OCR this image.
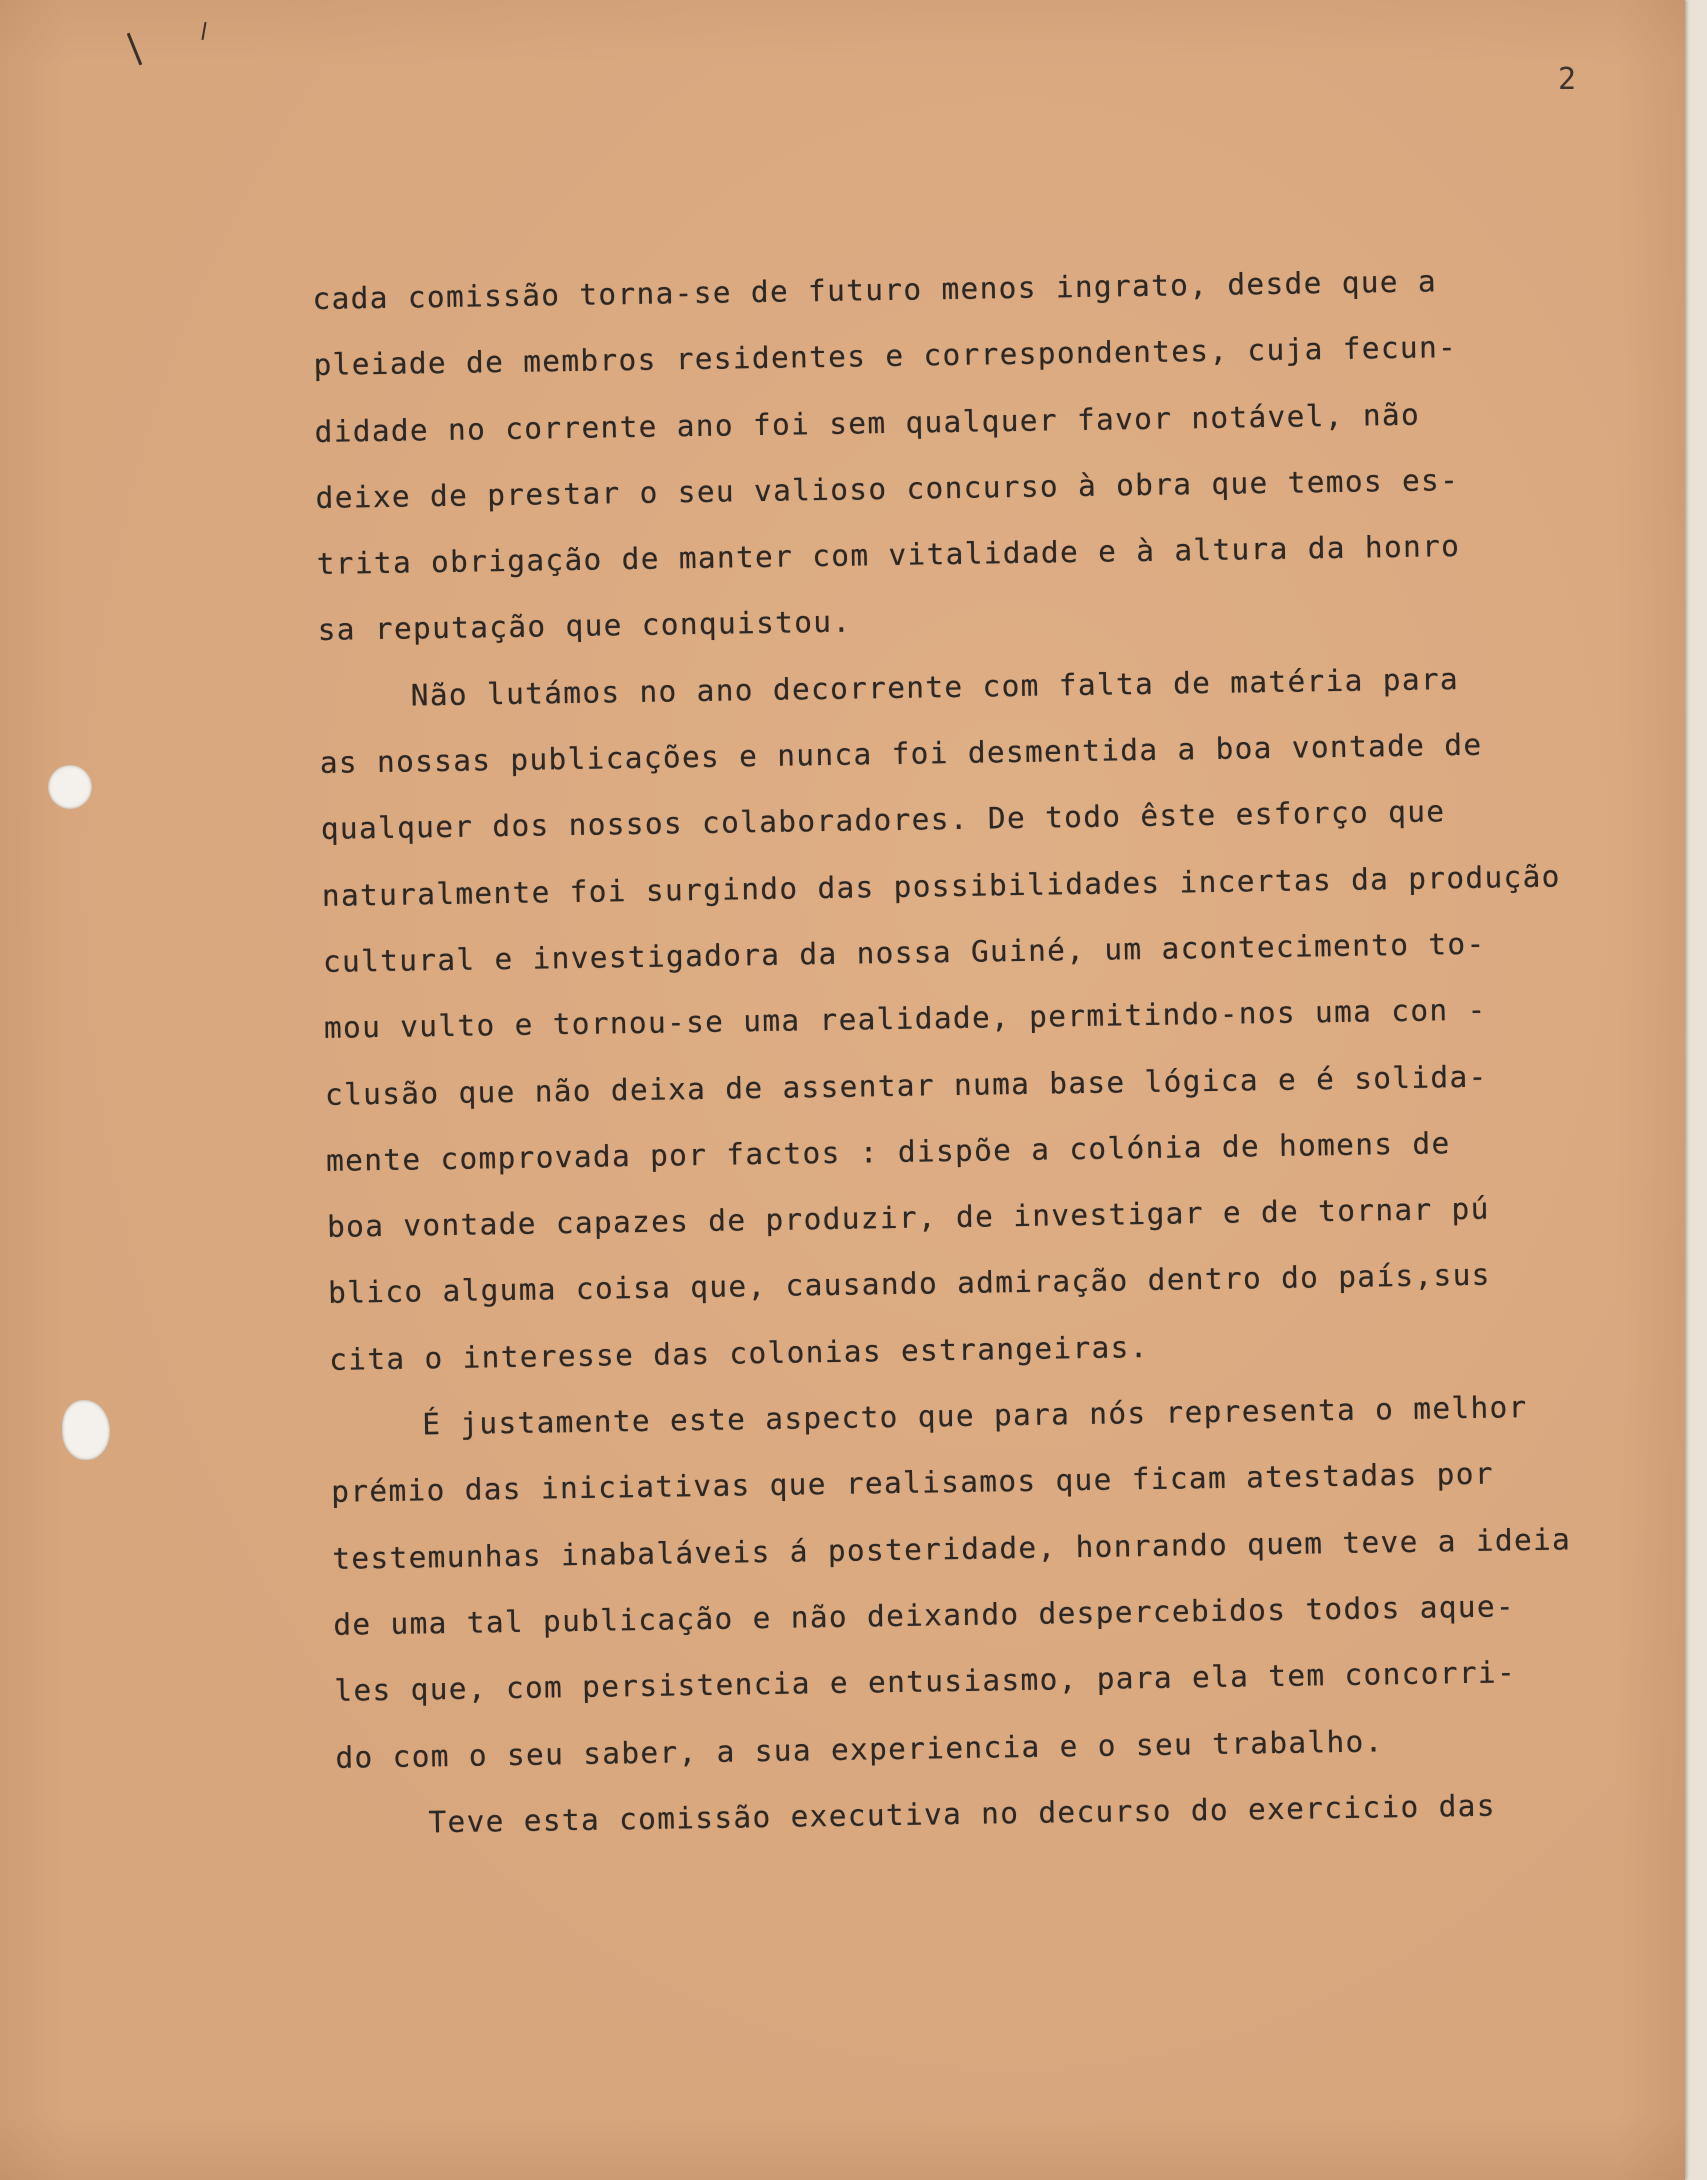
2
cada comissão torna-se de futuro menos ingrato, desde que a
pleiade de membros residentes e correspondentes, cuja fecun-
didade no corrente ano foi sem qualquer favor notável, não
deixe de prestar o seu valioso concurso à obra que temos es-
trita obrigação de manter com vitalidade e à altura da honro
sa reputação que conquistou.
Não lutámos no ano decorrente com falta de matéria para
as nossas publicações e nunca foi desmentida a boa vontade de
qualquer dos nossos colaboradores. De todo êste esforço que
naturalmente foi surgindo das possibilidades incertas da produção
cultural e investigadora da nossa Guiné, um acontecimento to-
mou vulto e tornou-se uma realidade, permitindo-nos uma con -
clusão que não deixa de assentar numa base lógica e é solida-
mente comprovada por factos : dispõe a colónia de homens de
boa vontade capazes de produzir, de investigar e de tornar pú
blico alguma coisa que, causando admiração dentro do país,sus
cita o interesse das colonias estrangeiras.
É justamente este aspecto que para nós representa o melhor
prémio das iniciativas que realisamos que ficam atestadas por
testemunhas inabaláveis á posteridade, honrando quem teve a ideia
de uma tal publicação e não deixando despercebidos todos aque-
les que, com persistencia e entusiasmo, para ela tem concorri-
do com o seu saber, a sua experiencia e o seu trabalho.
Teve esta comissão executiva no decurso do exercicio das
